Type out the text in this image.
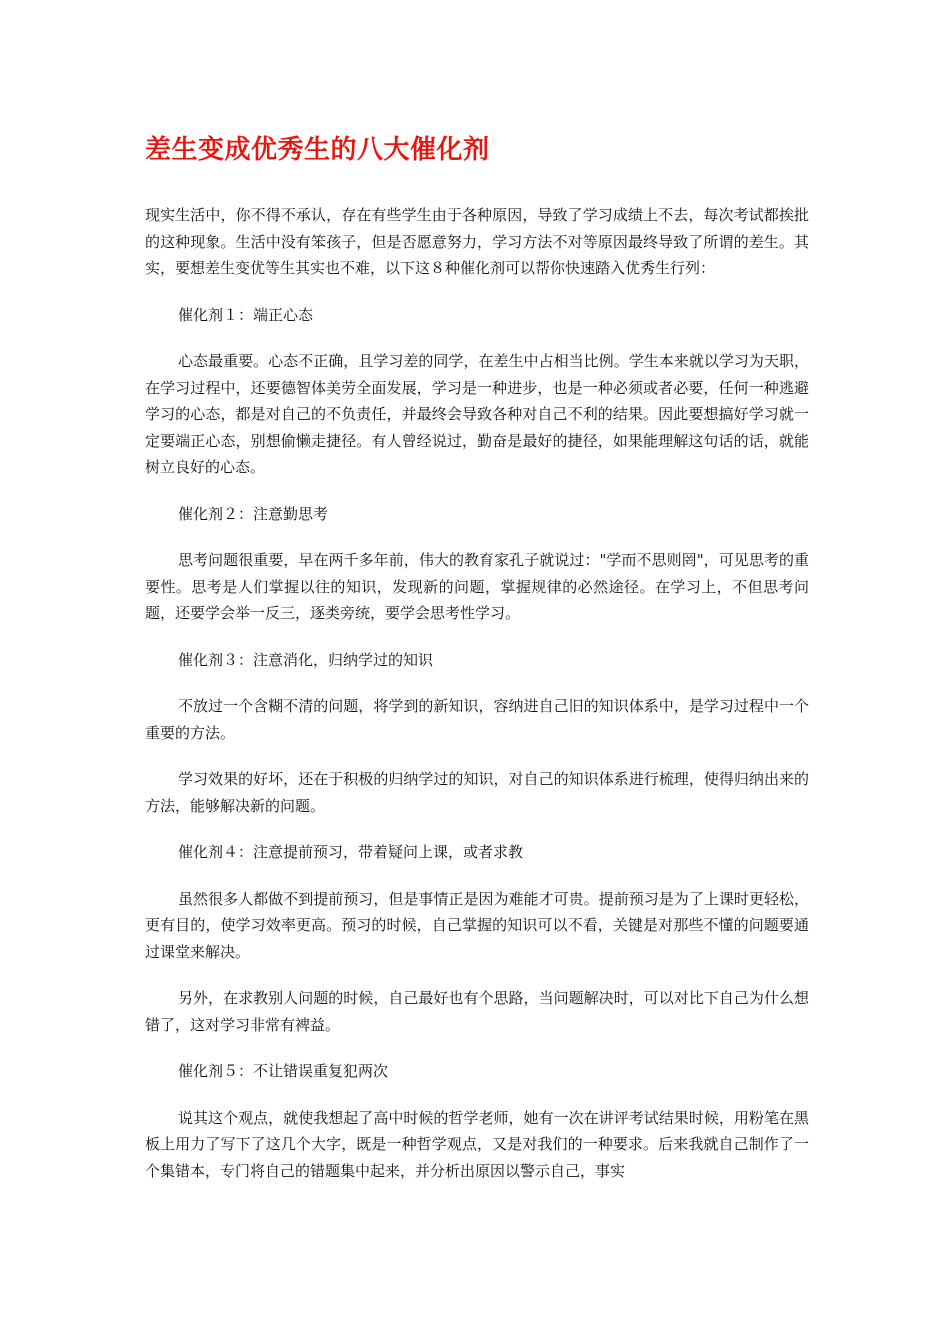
差生变成优秀生的八大催化剂

现实生活中，你不得不承认，存在有些学生由于各种原因，导致了学习成绩上不去，每次考试都挨批的这种现象。生活中没有笨孩子，但是否愿意努力，学习方法不对等原因最终导致了所谓的差生。其实，要想差生变优等生其实也不难，以下这８种催化剂可以帮你快速踏入优秀生行列：

催化剂１：端正心态

心态最重要。心态不正确，且学习差的同学，在差生中占相当比例。学生本来就以学习为天职，在学习过程中，还要德智体美劳全面发展，学习是一种进步，也是一种必须或者必要，任何一种逃避学习的心态，都是对自己的不负责任，并最终会导致各种对自己不利的结果。因此要想搞好学习就一定要端正心态，别想偷懒走捷径。有人曾经说过，勤奋是最好的捷径，如果能理解这句话的话，就能树立良好的心态。

催化剂２：注意勤思考

思考问题很重要，早在两千多年前，伟大的教育家孔子就说过："学而不思则罔"，可见思考的重要性。思考是人们掌握以往的知识，发现新的问题，掌握规律的必然途径。在学习上，不但思考问题，还要学会举一反三，逐类旁统，要学会思考性学习。

催化剂３：注意消化，归纳学过的知识

不放过一个含糊不清的问题，将学到的新知识，容纳进自己旧的知识体系中，是学习过程中一个重要的方法。

学习效果的好坏，还在于积极的归纳学过的知识，对自己的知识体系进行梳理，使得归纳出来的方法，能够解决新的问题。

催化剂４：注意提前预习，带着疑问上课，或者求教

虽然很多人都做不到提前预习，但是事情正是因为难能才可贵。提前预习是为了上课时更轻松，更有目的，使学习效率更高。预习的时候，自己掌握的知识可以不看，关键是对那些不懂的问题要通过课堂来解决。

另外，在求教别人问题的时候，自己最好也有个思路，当问题解决时，可以对比下自己为什么想错了，这对学习非常有裨益。

催化剂５：不让错误重复犯两次

说其这个观点，就使我想起了高中时候的哲学老师，她有一次在讲评考试结果时候，用粉笔在黑板上用力了写下了这几个大字，既是一种哲学观点，又是对我们的一种要求。后来我就自己制作了一个集错本，专门将自己的错题集中起来，并分析出原因以警示自己，事实
